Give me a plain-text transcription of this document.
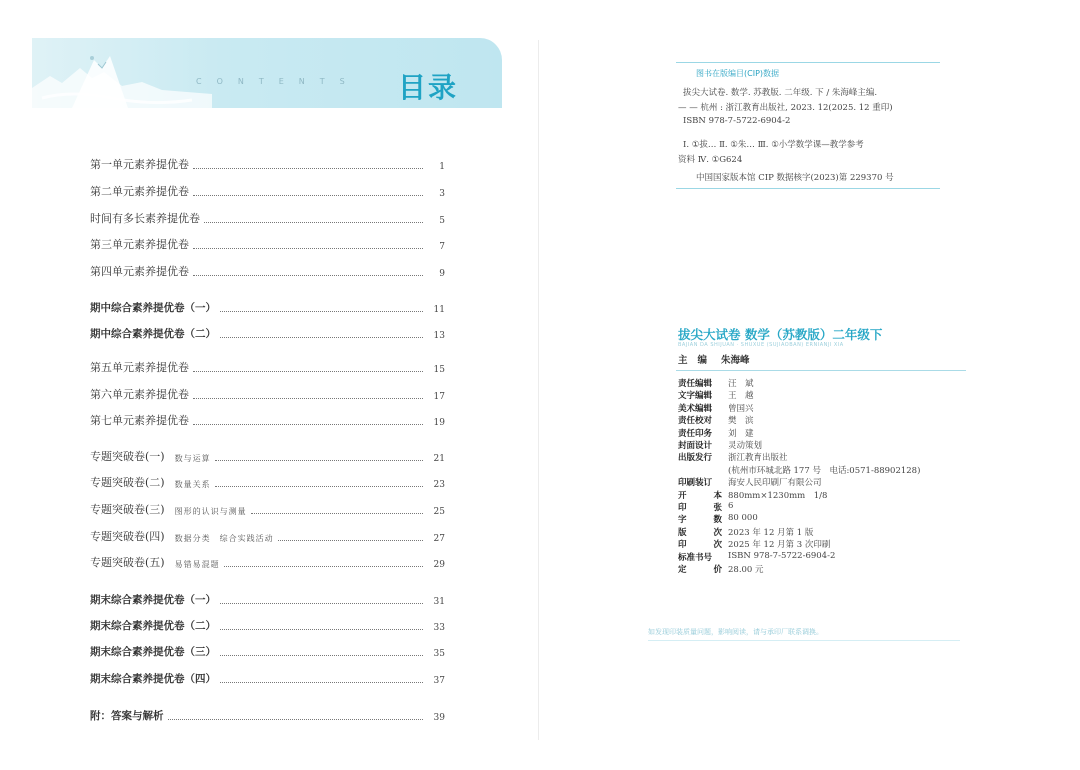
CONTENTS 目录
第一单元素养提优卷	1
第二单元素养提优卷	3
时间有多长素养提优卷	5
第三单元素养提优卷	7
第四单元素养提优卷	9
期中综合素养提优卷（一）	11
期中综合素养提优卷（二）	13
第五单元素养提优卷	15
第六单元素养提优卷	17
第七单元素养提优卷	19
专题突破卷(一) 数与运算	21
专题突破卷(二) 数量关系	23
专题突破卷(三) 图形的认识与测量	25
专题突破卷(四) 数据分类　综合实践活动	27
专题突破卷(五) 易错易混题	29
期末综合素养提优卷（一）	31
期末综合素养提优卷（二）	33
期末综合素养提优卷（三）	35
期末综合素养提优卷（四）	37
附：答案与解析	39
图书在版编目(CIP)数据
拔尖大试卷. 数学. 苏教版. 二年级. 下 / 朱海峰主编.
— — 杭州 : 浙江教育出版社, 2023. 12(2025. 12 重印)
ISBN 978-7-5722-6904-2
Ⅰ. ①拔… Ⅱ. ①朱… Ⅲ. ①小学数学课—教学参考
资料 Ⅳ. ①G624
中国国家版本馆 CIP 数据核字(2023)第 229370 号
拔尖大试卷 数学（苏教版）二年级下
BAJIAN DA SHIJUAN · SHUXUE (SUJIAOBAN) ERNIANJI XIA
主编 朱海峰
责任编辑	汪　斌
文字编辑	王　越
美术编辑	曾国兴
责任校对	樊　滨
责任印务	刘　建
封面设计	灵动策划
出版发行	浙江教育出版社
(杭州市环城北路 177 号　电话:0571-88902128)
印刷装订	海安人民印刷厂有限公司
开	本 880mm×1230mm　1/8
印	张 6
字	数 80 000
版	次 2023 年 12 月第 1 版
印	次 2025 年 12 月第 3 次印刷
标准书号	ISBN 978-7-5722-6904-2
定	价 28.00 元
如发现印装质量问题，影响阅读，请与承印厂联系调换。
